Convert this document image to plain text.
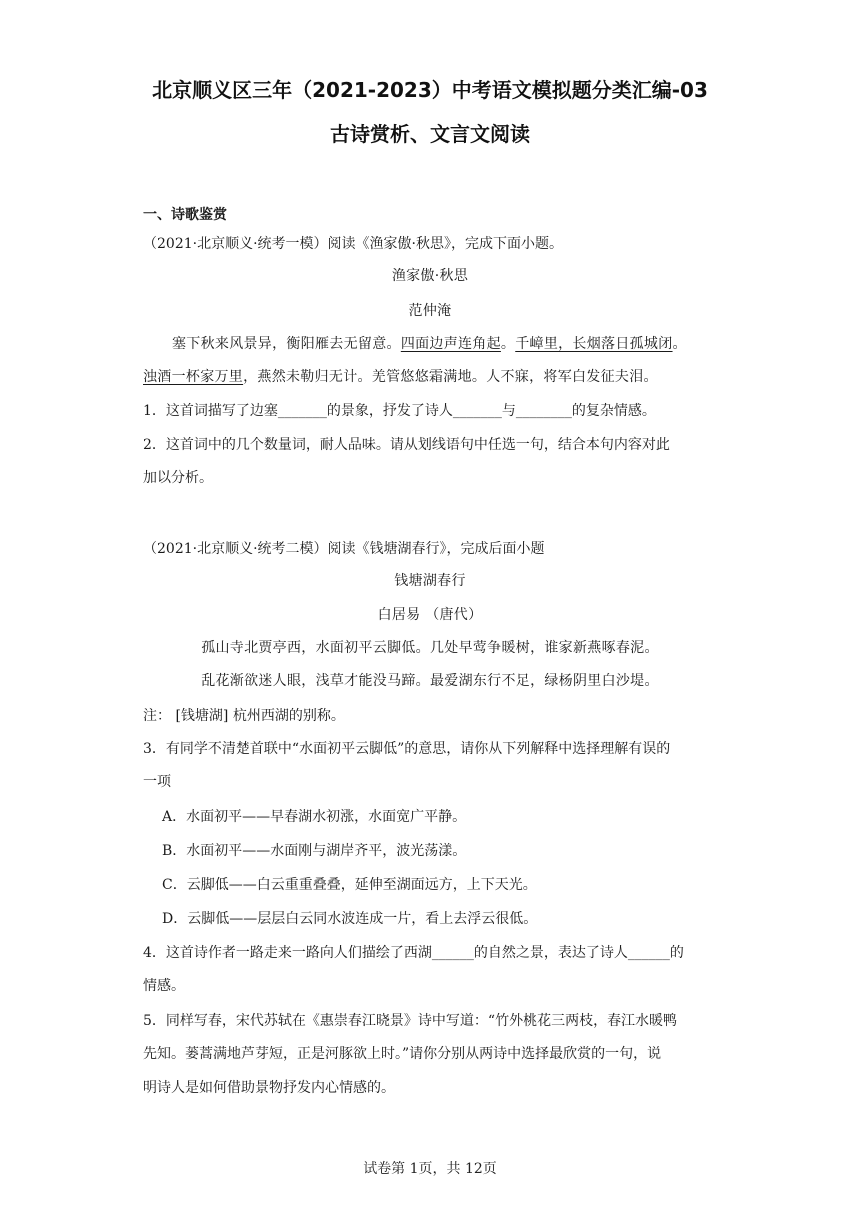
北京顺义区三年（2021-2023）中考语文模拟题分类汇编-03
古诗赏析、文言文阅读
一、诗歌鉴赏
（2021·北京顺义·统考一模）阅读《渔家傲·秋思》，完成下面小题。
渔家傲·秋思
范仲淹
塞下秋来风景异，衡阳雁去无留意。四面边声连角起。千嶂里，长烟落日孤城闭。
浊酒一杯家万里，燕然未勒归无计。羌管悠悠霜满地。人不寐，将军白发征夫泪。
1．这首词描写了边塞_______的景象，抒发了诗人_______与________的复杂情感。
2．这首词中的几个数量词，耐人品味。请从划线语句中任选一句，结合本句内容对此
加以分析。
（2021·北京顺义·统考二模）阅读《钱塘湖春行》，完成后面小题
钱塘湖春行
白居易 （唐代）
孤山寺北贾亭西，水面初平云脚低。几处早莺争暖树，谁家新燕啄春泥。
乱花渐欲迷人眼，浅草才能没马蹄。最爱湖东行不足，绿杨阴里白沙堤。
注： [钱塘湖] 杭州西湖的别称。
3．有同学不清楚首联中“水面初平云脚低”的意思，请你从下列解释中选择理解有误的
一项
A．水面初平——早春湖水初涨，水面宽广平静。
B．水面初平——水面刚与湖岸齐平，波光荡漾。
C．云脚低——白云重重叠叠，延伸至湖面远方，上下天光。
D．云脚低——层层白云同水波连成一片，看上去浮云很低。
4．这首诗作者一路走来一路向人们描绘了西湖______的自然之景，表达了诗人______的
情感。
5．同样写春，宋代苏轼在《惠崇春江晓景》诗中写道：“竹外桃花三两枝，春江水暖鸭
先知。蒌蒿满地芦芽短，正是河豚欲上时。”请你分别从两诗中选择最欣赏的一句，说
明诗人是如何借助景物抒发内心情感的。
试卷第 1页，共 12页
